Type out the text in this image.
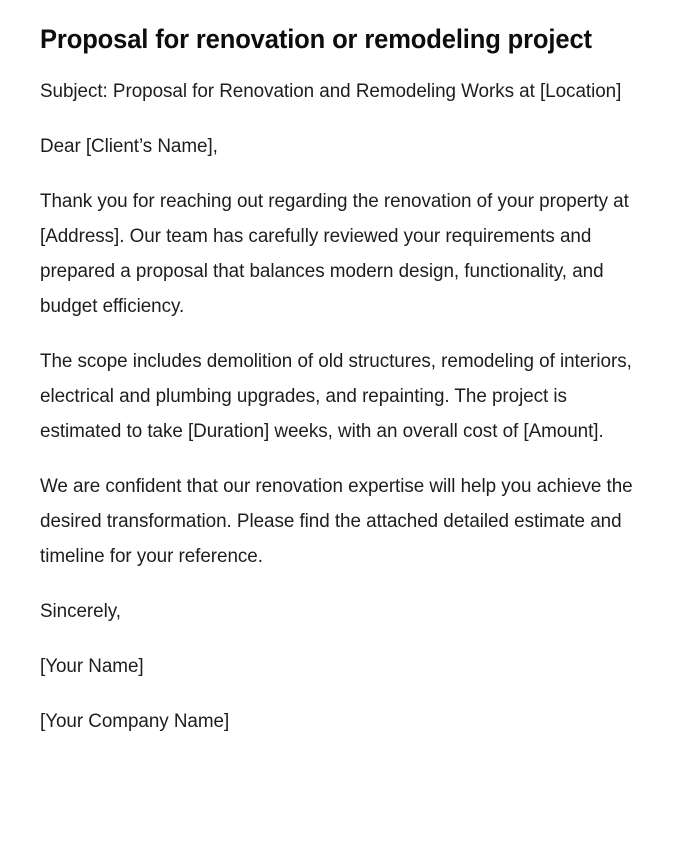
Proposal for renovation or remodeling project

Subject: Proposal for Renovation and Remodeling Works at [Location]

Dear [Client’s Name],

Thank you for reaching out regarding the renovation of your property at [Address]. Our team has carefully reviewed your requirements and prepared a proposal that balances modern design, functionality, and budget efficiency.

The scope includes demolition of old structures, remodeling of interiors, electrical and plumbing upgrades, and repainting. The project is estimated to take [Duration] weeks, with an overall cost of [Amount].

We are confident that our renovation expertise will help you achieve the desired transformation. Please find the attached detailed estimate and timeline for your reference.

Sincerely,

[Your Name]

[Your Company Name]
